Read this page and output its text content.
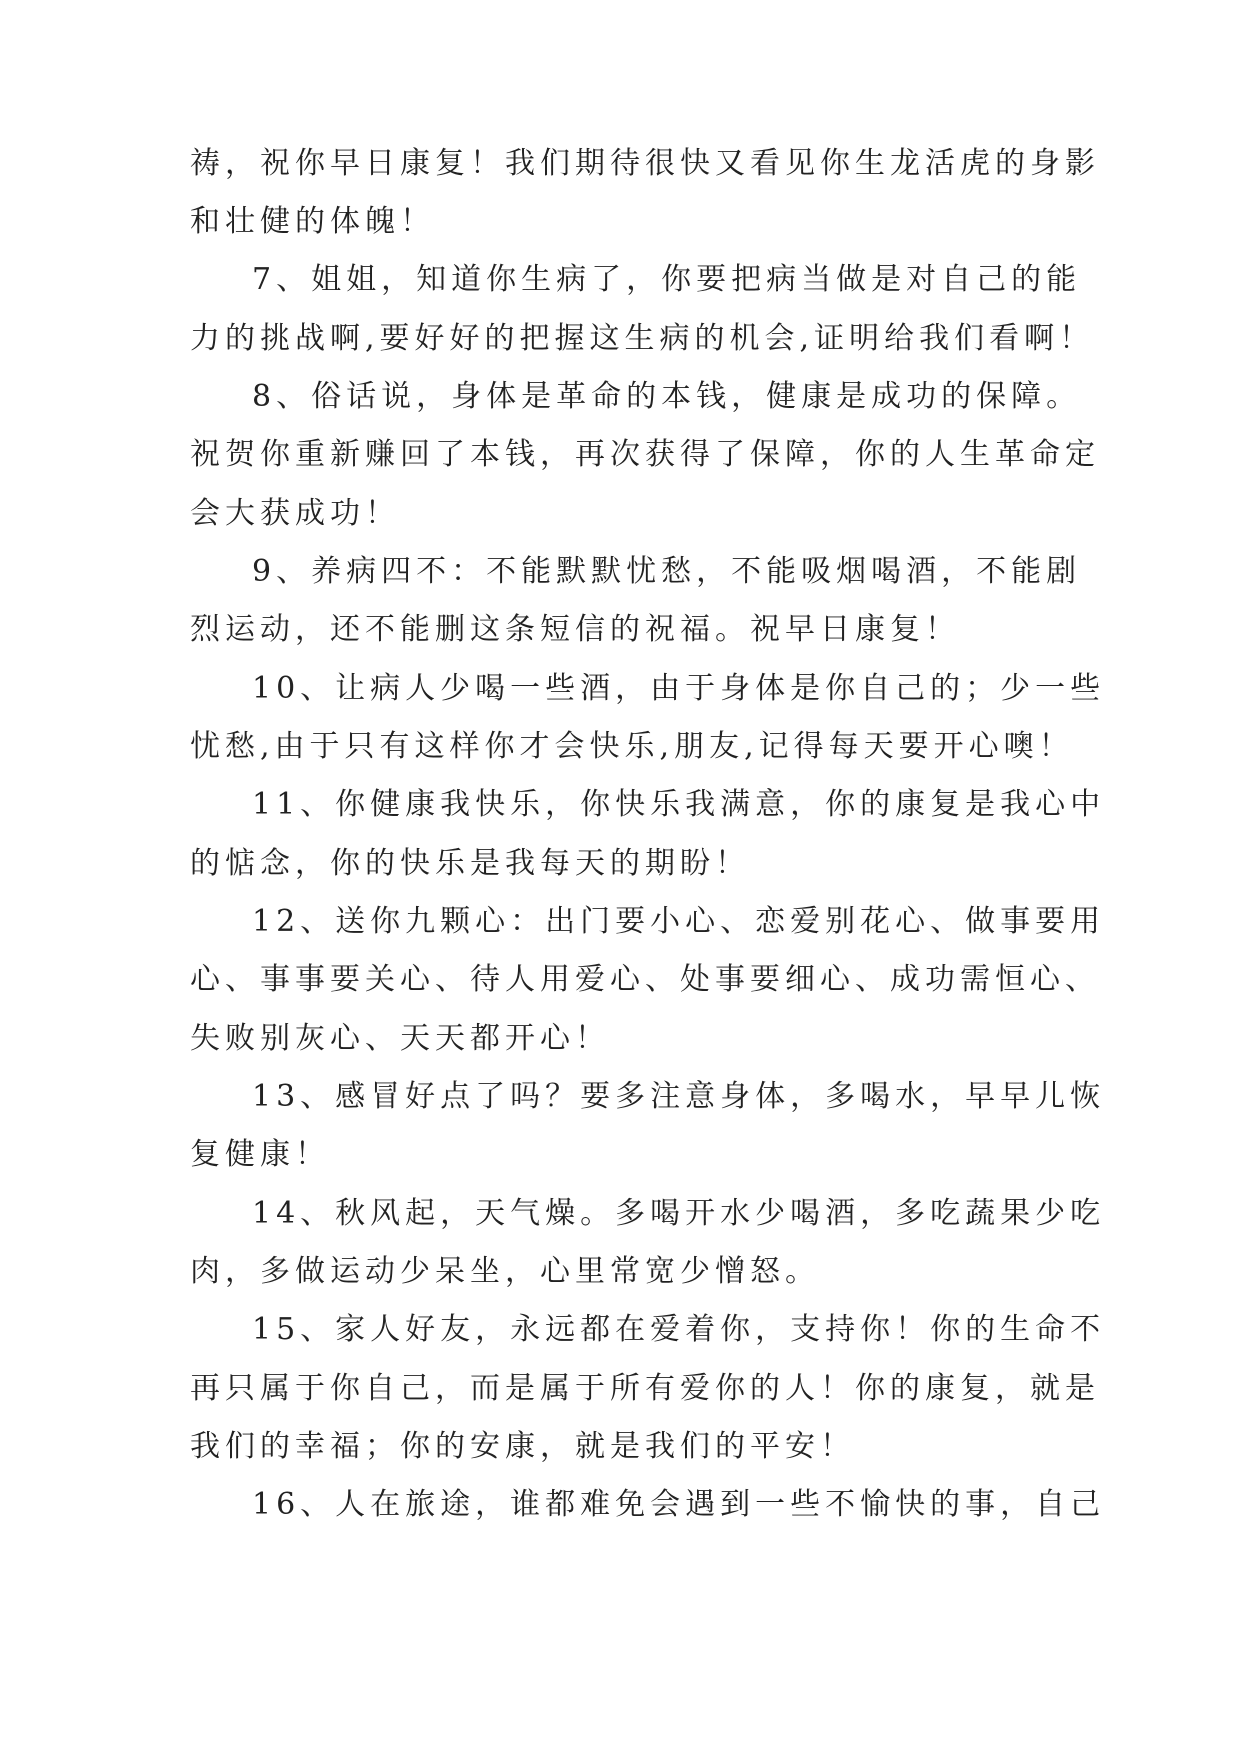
祷，祝你早日康复！我们期待很快又看见你生龙活虎的身影
和壮健的体魄！
7、姐姐，知道你生病了，你要把病当做是对自己的能
力的挑战啊,要好好的把握这生病的机会,证明给我们看啊！
8、俗话说，身体是革命的本钱，健康是成功的保障。
祝贺你重新赚回了本钱，再次获得了保障，你的人生革命定
会大获成功！
9、养病四不：不能默默忧愁，不能吸烟喝酒，不能剧
烈运动，还不能删这条短信的祝福。祝早日康复！
10、让病人少喝一些酒，由于身体是你自己的；少一些
忧愁,由于只有这样你才会快乐,朋友,记得每天要开心噢！
11、你健康我快乐，你快乐我满意，你的康复是我心中
的惦念，你的快乐是我每天的期盼！
12、送你九颗心：出门要小心、恋爱别花心、做事要用
心、事事要关心、待人用爱心、处事要细心、成功需恒心、
失败别灰心、天天都开心！
13、感冒好点了吗？要多注意身体，多喝水，早早儿恢
复健康！
14、秋风起，天气燥。多喝开水少喝酒，多吃蔬果少吃
肉，多做运动少呆坐，心里常宽少憎怒。
15、家人好友，永远都在爱着你，支持你！你的生命不
再只属于你自己，而是属于所有爱你的人！你的康复，就是
我们的幸福；你的安康，就是我们的平安！
16、人在旅途，谁都难免会遇到一些不愉快的事，自己
